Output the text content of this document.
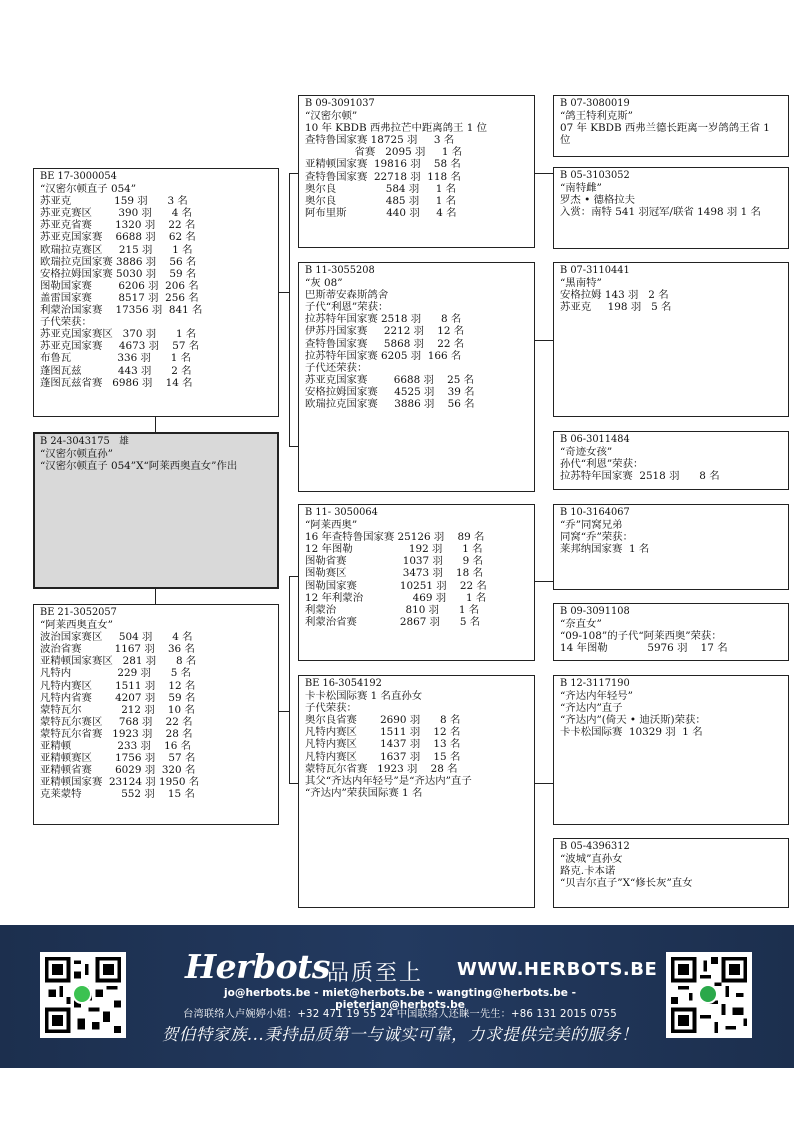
BE 17-3000054
“汉密尔顿直子 054”
苏亚克             159 羽      3 名
苏亚克赛区        390 羽      4 名
苏亚克省赛       1320 羽    22 名
苏亚克国家赛    6688 羽    62 名
欧瑞拉克赛区     215 羽      1 名
欧瑞拉克国家赛 3886 羽    56 名
安格拉姆国家赛 5030 羽    59 名
图勒国家赛        6206 羽  206 名
盖雷国家赛        8517 羽  256 名
利蒙治国家赛    17356 羽  841 名
子代荣获：
苏亚克国家赛区   370 羽      1 名
苏亚克国家赛     4673 羽    57 名
布鲁瓦              336 羽      1 名
蓬图瓦兹           443 羽      2 名
蓬图瓦兹省赛   6986 羽    14 名
B 24-3043175   雄
“汉密尔顿直孙”
“汉密尔顿直子 054”X“阿莱西奥直女”作出
BE 21-3052057
“阿莱西奥直女”
波治国家赛区     504 羽      4 名
波治省赛          1167 羽    36 名
亚精顿国家赛区   281 羽      8 名
凡特内              229 羽      5 名
凡特内赛区       1511 羽    12 名
凡特内省赛       4207 羽    59 名
蒙特瓦尔            212 羽    10 名
蒙特瓦尔赛区     768 羽    22 名
蒙特瓦尔省赛   1923 羽    28 名
亚精顿              233 羽    16 名
亚精顿赛区       1756 羽    57 名
亚精顿省赛       6029 羽  320 名
亚精顿国家赛  23124 羽 1950 名
克莱蒙特            552 羽    15 名
B 09-3091037
“汉密尔顿”
10 年 KBDB 西弗拉芒中距离鸽王 1 位
查特鲁国家赛 18725 羽     3 名
省赛   2095 羽     1 名
亚精顿国家赛  19816 羽    58 名
查特鲁国家赛  22718 羽  118 名
奥尔良               584 羽     1 名
奥尔良               485 羽     1 名
阿布里斯            440 羽     4 名
B 11-3055208
“灰 08”
巴斯蒂安森斯鸽舍
子代“利恩”荣获：
拉苏特年国家赛 2518 羽      8 名
伊苏丹国家赛     2212 羽    12 名
查特鲁国家赛     5868 羽    22 名
拉苏特年国家赛 6205 羽  166 名
子代还荣获：
苏亚克国家赛        6688 羽    25 名
安格拉姆国家赛     4525 羽    39 名
欧瑞拉克国家赛     3886 羽    56 名
B 11- 3050064
“阿莱西奥”
16 年查特鲁国家赛 25126 羽    89 名
12 年图勒                 192 羽      1 名
图勒省赛                 1037 羽      9 名
图勒赛区                 3473 羽    18 名
图勒国家赛             10251 羽    22 名
12 年利蒙治               469 羽      1 名
利蒙治                     810 羽      1 名
利蒙治省赛             2867 羽      5 名
BE 16-3054192
卡卡松国际赛 1 名直孙女
子代荣获：
奥尔良省赛       2690 羽      8 名
凡特内赛区       1511 羽    12 名
凡特内赛区       1437 羽    13 名
凡特内赛区       1637 羽    15 名
蒙特瓦尔省赛   1923 羽    28 名
其父“齐达内年轻号”是“齐达内”直子
“齐达内”荣获国际赛 1 名
B 07-3080019
“鸽王特利克斯”
07 年 KBDB 西弗兰德长距离一岁鸽鸽王省 1 位
B 05-3103052
“南特雌”
罗杰 • 德格拉夫
入赏：南特 541 羽冠军/联省 1498 羽 1 名
B 07-3110441
“黑南特”
安格拉姆 143 羽   2 名
苏亚克     198 羽   5 名
B 06-3011484
“奇迹女孩”
孙代“利恩”荣获：
拉苏特年国家赛  2518 羽      8 名
B 10-3164067
“乔”同窝兄弟
同窝“乔”荣获：
莱邦纳国家赛  1 名
B 09-3091108
“奈直女”
“09-108”的子代“阿莱西奥”荣获：
14 年图勒            5976 羽    17 名
B 12-3117190
“齐达内年轻号”
“齐达内”直子
“齐达内”(倚天 • 迪沃斯)荣获：
卡卡松国际赛  10329 羽  1 名
B 05-4396312
“波城”直孙女
路克.卡本诺
“贝吉尔直子”X“修长灰”直女
Herbots
品质至上 WWW.HERBOTS.BE
jo@herbots.be - miet@herbots.be - wangting@herbots.be - pieterjan@herbots.be
台湾联络人卢婉婷小姐：+32 471 19 55 24 中国联络人还睐一先生：+86 131 2015 0755
贺伯特家族...秉持品质第一与诚实可靠，力求提供完美的服务！
